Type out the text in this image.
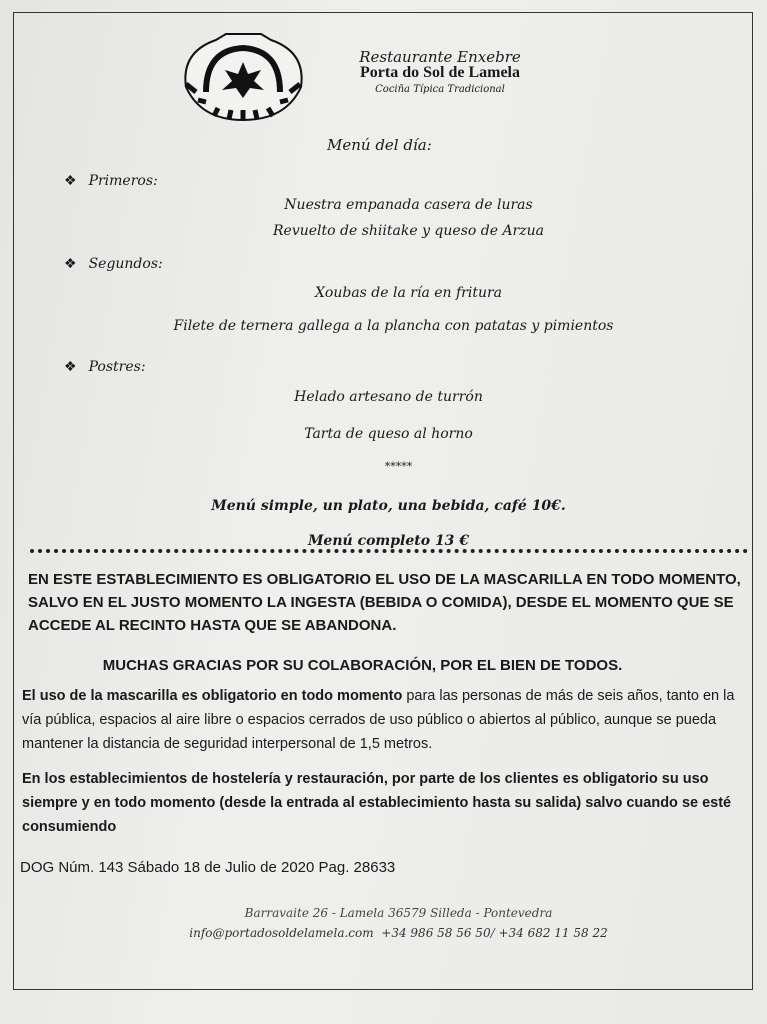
Restaurante Enxebre
Porta do Sol de Lamela
Cociña Típica Tradicional
Menú del día:
❖ Primeros:
Nuestra empanada casera de luras
Revuelto de shiitake y queso de Arzua
❖ Segundos:
Xoubas de la ría en fritura
Filete de ternera gallega a la plancha con patatas y pimientos
❖ Postres:
Helado artesano de turrón
Tarta de queso al horno
*****
Menú simple, un plato, una bebida, café 10€.
Menú completo 13 €
EN ESTE ESTABLECIMIENTO ES OBLIGATORIO EL USO DE LA MASCARILLA EN TODO MOMENTO, SALVO EN EL JUSTO MOMENTO LA INGESTA (BEBIDA O COMIDA), DESDE EL MOMENTO QUE SE ACCEDE AL RECINTO HASTA QUE SE ABANDONA.
MUCHAS GRACIAS POR SU COLABORACIÓN, POR EL BIEN DE TODOS.
El uso de la mascarilla es obligatorio en todo momento para las personas de más de seis años, tanto en la vía pública, espacios al aire libre o espacios cerrados de uso público o abiertos al público, aunque se pueda mantener la distancia de seguridad interpersonal de 1,5 metros.
En los establecimientos de hostelería y restauración, por parte de los clientes es obligatorio su uso siempre y en todo momento (desde la entrada al establecimiento hasta su salida) salvo cuando se esté consumiendo
DOG Núm. 143 Sábado 18 de Julio de 2020 Pag. 28633
Barravaite 26 - Lamela 36579 Silleda - Pontevedra
info@portadosoldelamela.com +34 986 58 56 50/ +34 682 11 58 22
